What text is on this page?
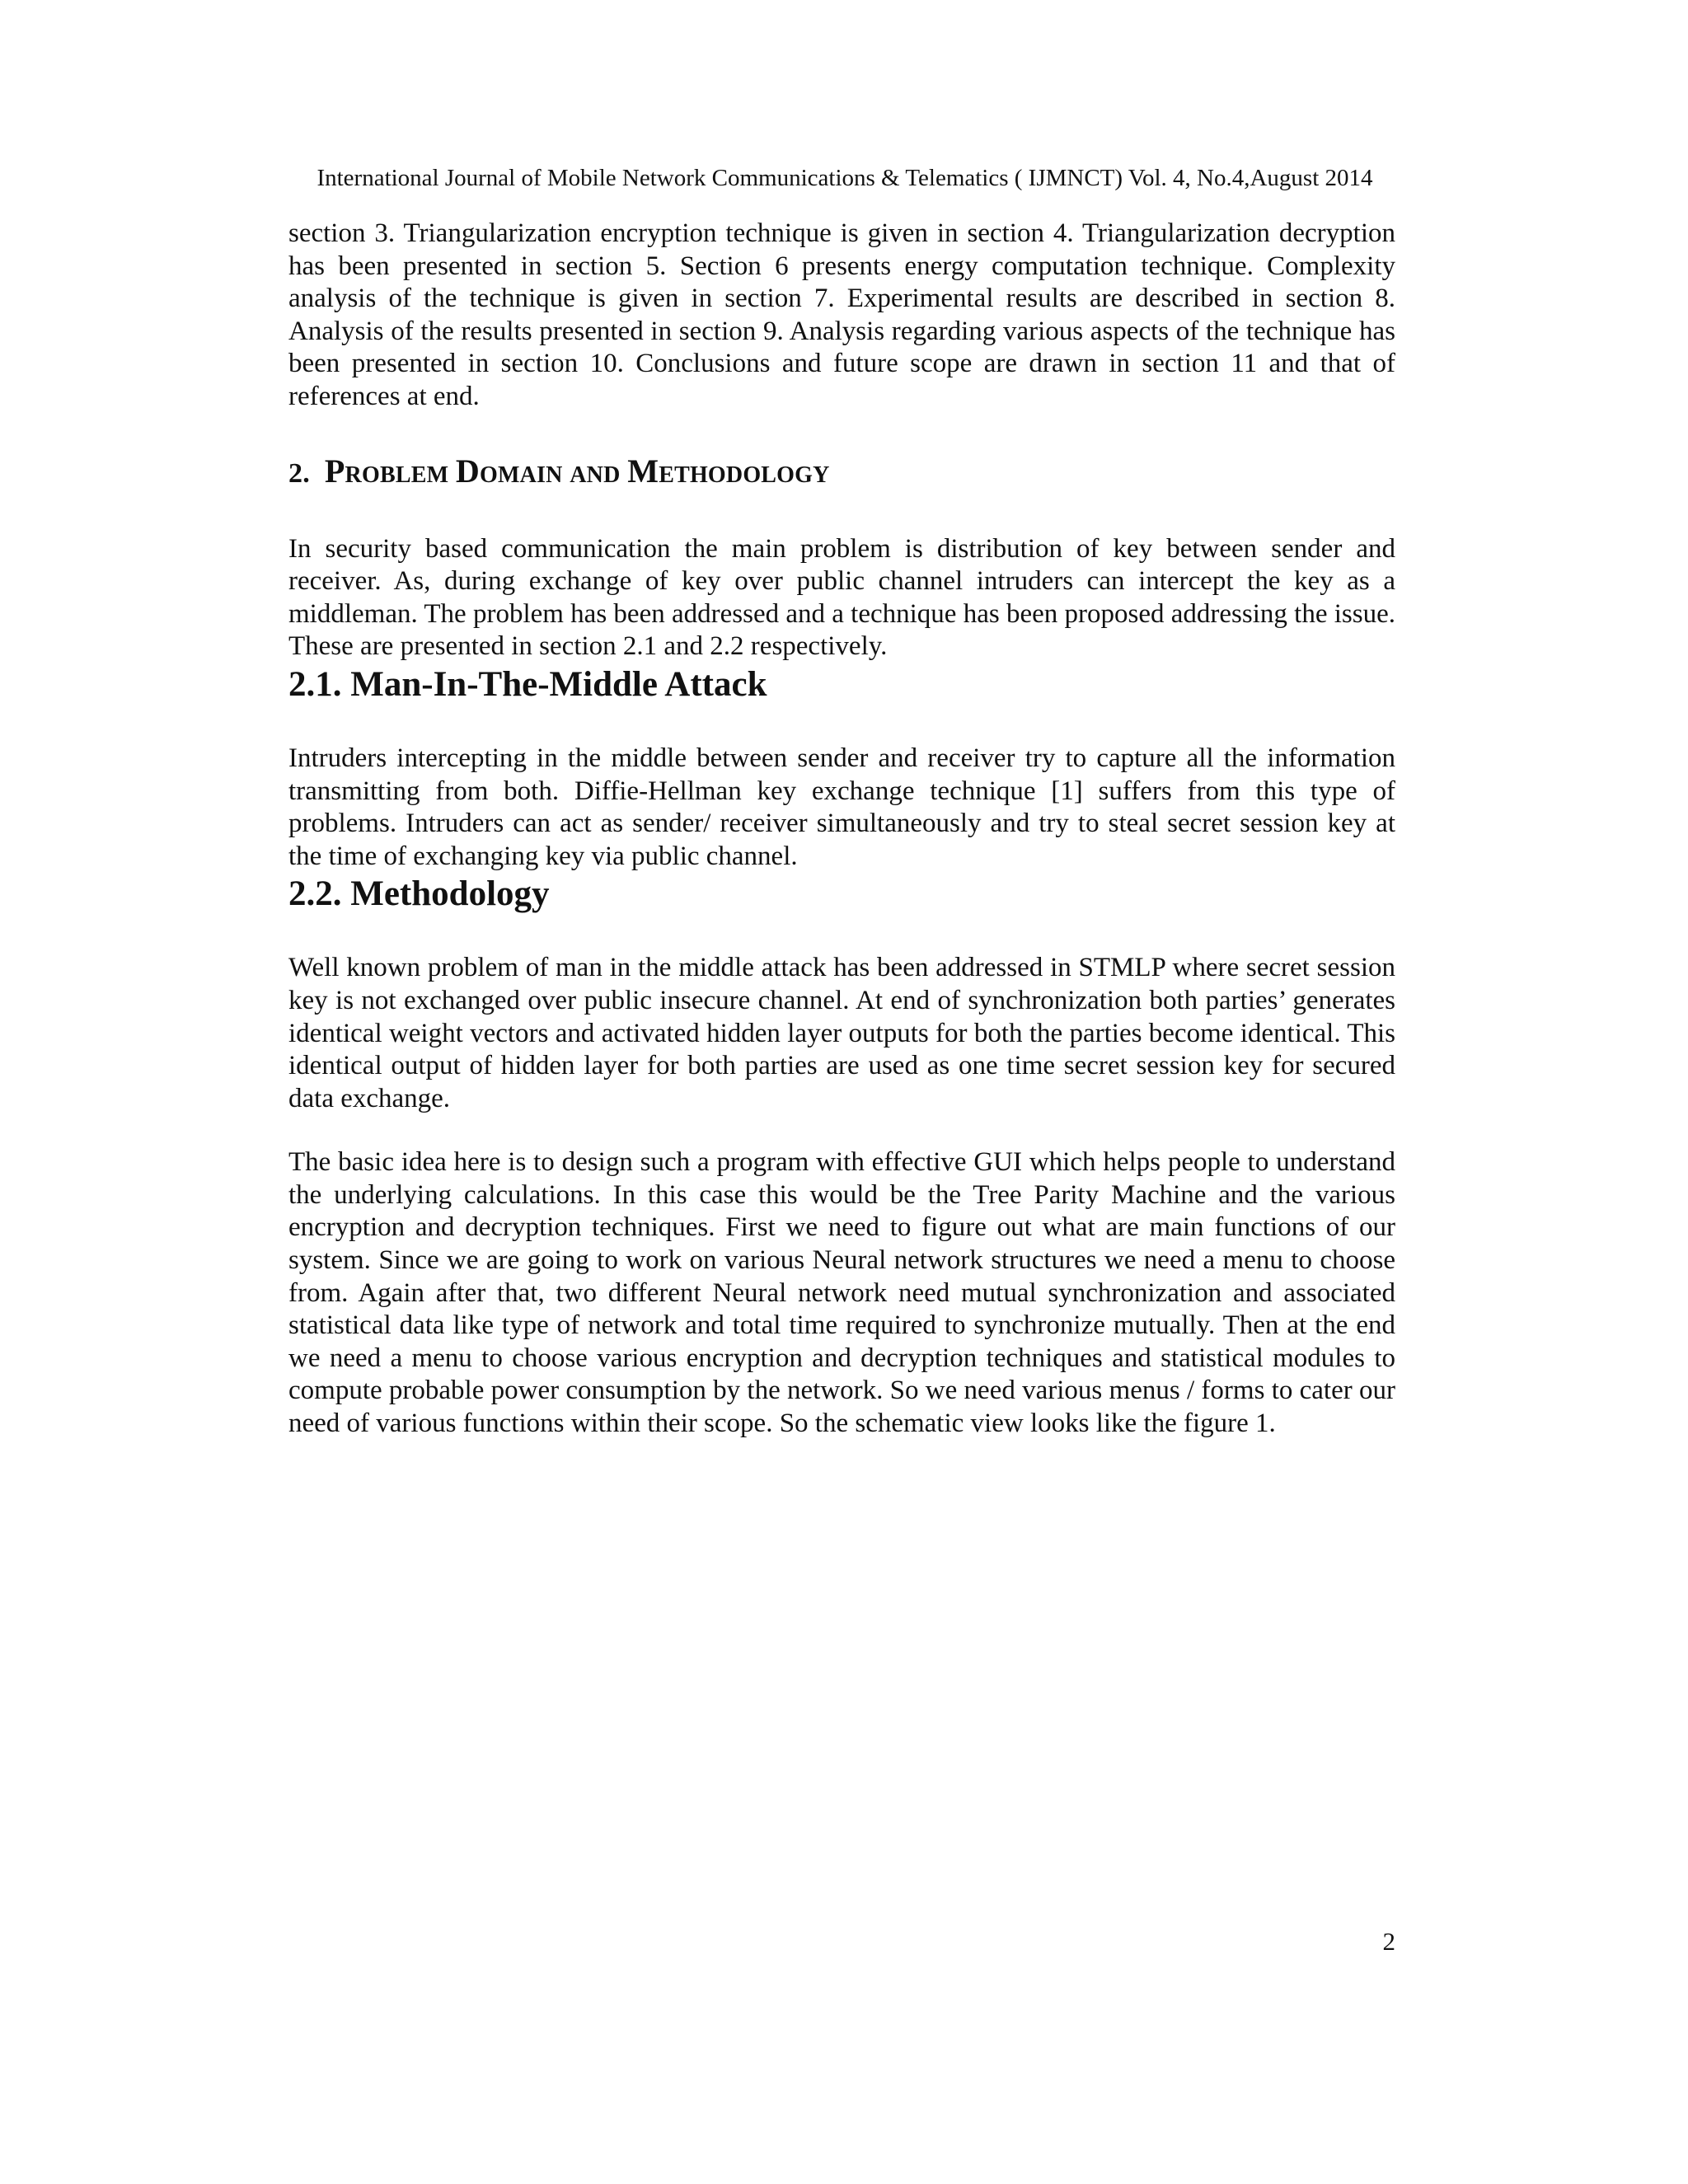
International Journal of Mobile Network Communications & Telematics ( IJMNCT) Vol. 4, No.4,August 2014

section 3. Triangularization encryption technique is given in section 4. Triangularization decryption has been presented in section 5. Section 6 presents energy computation technique. Complexity analysis of the technique is given in section 7. Experimental results are described in section 8. Analysis of the results presented in section 9. Analysis regarding various aspects of the technique has been presented in section 10. Conclusions and future scope are drawn in section 11 and that of references at end.

2. PROBLEM DOMAIN AND METHODOLOGY

In security based communication the main problem is distribution of key between sender and receiver. As, during exchange of key over public channel intruders can intercept the key as a middleman. The problem has been addressed and a technique has been proposed addressing the issue. These are presented in section 2.1 and 2.2 respectively.

2.1. Man-In-The-Middle Attack

Intruders intercepting in the middle between sender and receiver try to capture all the information transmitting from both. Diffie-Hellman key exchange technique [1] suffers from this type of problems. Intruders can act as sender/ receiver simultaneously and try to steal secret session key at the time of exchanging key via public channel.

2.2. Methodology

Well known problem of man in the middle attack has been addressed in STMLP where secret session key is not exchanged over public insecure channel. At end of synchronization both parties’ generates identical weight vectors and activated hidden layer outputs for both the parties become identical. This identical output of hidden layer for both parties are used as one time secret session key for secured data exchange.

The basic idea here is to design such a program with effective GUI which helps people to understand the underlying calculations. In this case this would be the Tree Parity Machine and the various encryption and decryption techniques. First we need to figure out what are main functions of our system. Since we are going to work on various Neural network structures we need a menu to choose from. Again after that, two different Neural network need mutual synchronization and associated statistical data like type of network and total time required to synchronize mutually. Then at the end we need a menu to choose various encryption and decryption techniques and statistical modules to compute probable power consumption by the network. So we need various menus / forms to cater our need of various functions within their scope. So the schematic view looks like the figure 1.

2
